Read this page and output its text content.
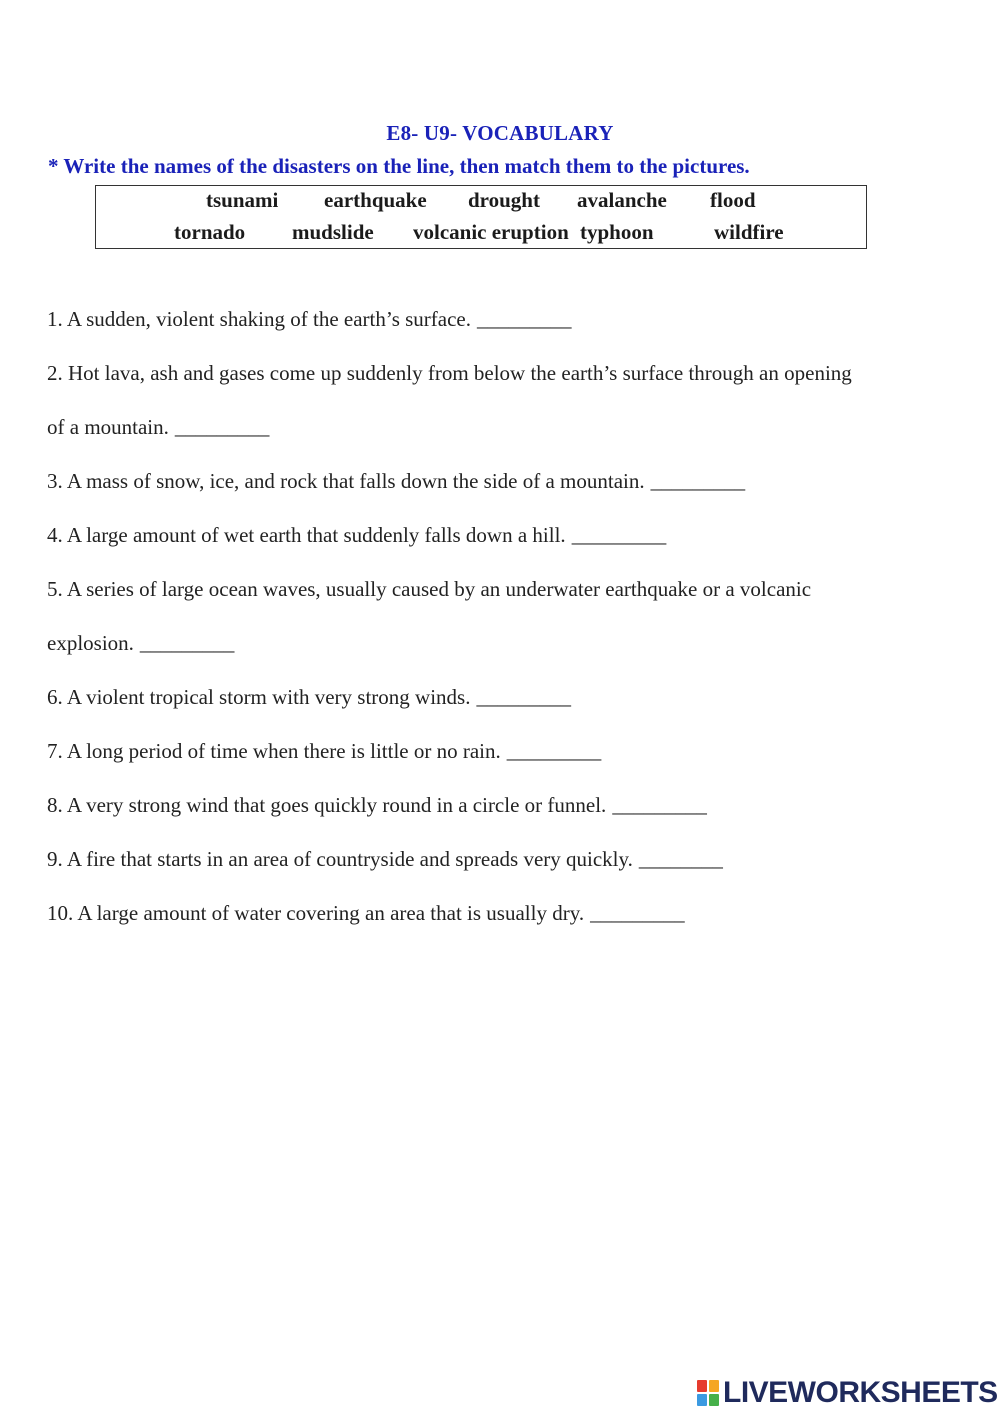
E8- U9- VOCABULARY
* Write the names of the disasters on the line, then match them to the pictures.
tsunami earthquake drought avalanche flood
tornado mudslide volcanic eruption typhoon	wildfire
1. A sudden, violent shaking of the earth’s surface. _________
2. Hot lava, ash and gases come up suddenly from below the earth’s surface through an opening
of a mountain. _________
3. A mass of snow, ice, and rock that falls down the side of a mountain. _________
4. A large amount of wet earth that suddenly falls down a hill. _________
5. A series of large ocean waves, usually caused by an underwater earthquake or a volcanic
explosion. _________
6. A violent tropical storm with very strong winds. _________
7. A long period of time when there is little or no rain. _________
8. A very strong wind that goes quickly round in a circle or funnel. _________
9. A fire that starts in an area of countryside and spreads very quickly. ________
10. A large amount of water covering an area that is usually dry. _________
LIVEWORKSHEETS
